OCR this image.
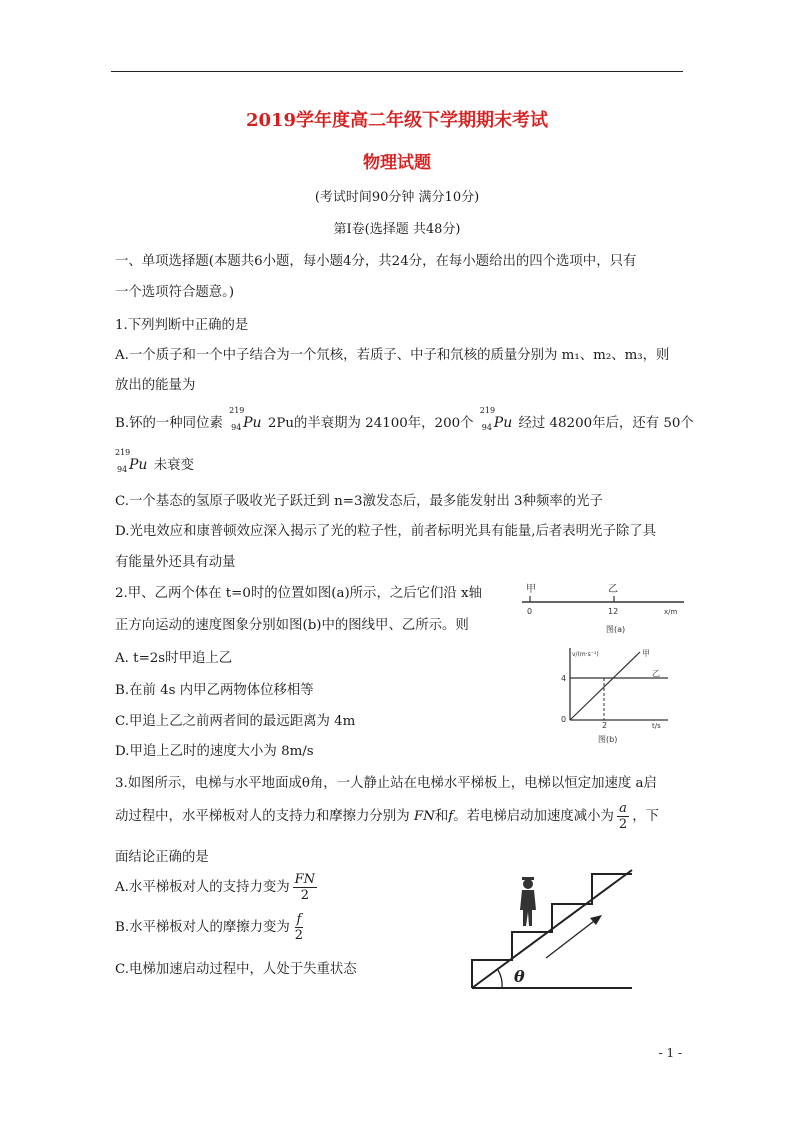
2019学年度高二年级下学期期末考试
物理试题
(考试时间90分钟 满分10分)
第Ⅰ卷(选择题 共48分)
一、单项选择题(本题共6小题，每小题4分，共24分，在每小题给出的四个选项中，只有
一个选项符合题意。)
1.下列判断中正确的是
A.一个质子和一个中子结合为一个氘核，若质子、中子和氘核的质量分别为 m₁、m₂、m₃，则
放出的能量为
B.钚的一种同位素
219
94 Pu 2Pu的半衰期为 24100年，200个
219
94 Pu 经过 48200年后，还有 50个
219
94 Pu 未衰变
C.一个基态的氢原子吸收光子跃迁到 n=3激发态后，最多能发射出 3种频率的光子
D.光电效应和康普顿效应深入揭示了光的粒子性，前者标明光具有能量,后者表明光子除了具
有能量外还具有动量
2.甲、乙两个体在 t=0时的位置如图(a)所示，之后它们沿 x轴
正方向运动的速度图象分别如图(b)中的图线甲、乙所示。则
A. t=2s时甲追上乙
B.在前 4s 内甲乙两物体位移相等
C.甲追上乙之前两者间的最远距离为 4m
D.甲追上乙时的速度大小为 8m/s
甲	乙
0	12	x/m
图(a)
v/(m·s⁻¹)	甲
乙
4
0
2	t/s
图(b)
3.如图所示，电梯与水平地面成θ角，一人静止站在电梯水平梯板上，电梯以恒定加速度 a启
动过程中，水平梯板对人的支持力和摩擦力分别为 FN和f。若电梯启动加速度减小为 $\frac{a}{2}$ ，下
面结论正确的是
A.水平梯板对人的支持力变为 $\frac{FN}{2}$
B.水平梯板对人的摩擦力变为 $\frac{f}{2}$
C.电梯加速启动过程中，人处于失重状态	θ
- 1 -
